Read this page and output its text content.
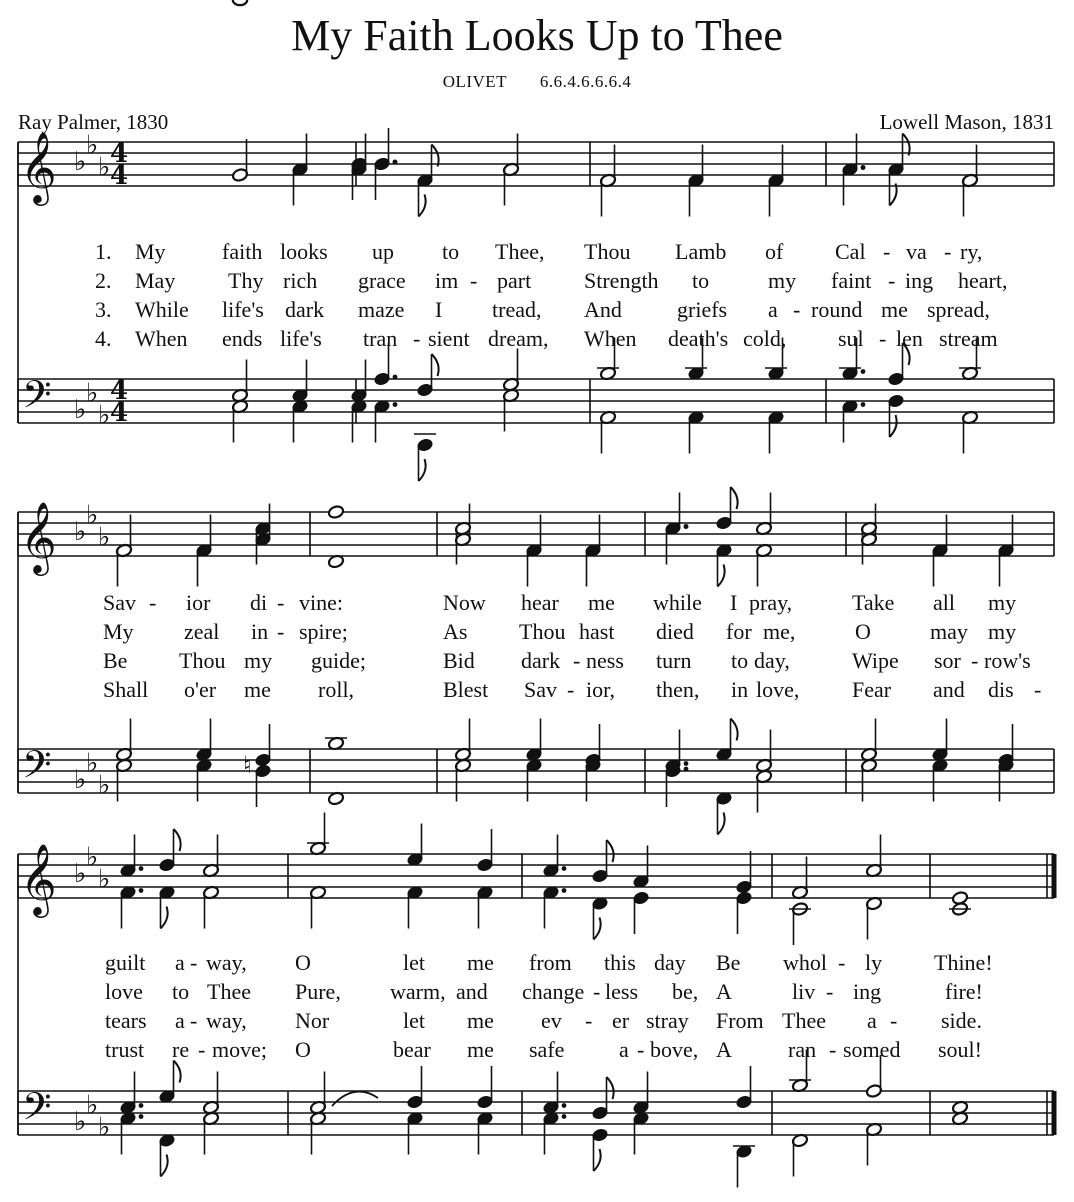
My Faith Looks Up to Thee
OLIVET 6.6.4.6.6.6.4
Ray Palmer, 1830	Lowell Mason, 1831
𝄞 ♭
♭
♭ 4
4
𝄢 ♭
♭
♭
4
4
1. My	faith looks up to Thee, Thou Lamb of Cal - va - ry,
2. May Thy rich grace im - part Strength to	my faint - ing heart,
3. While life's dark maze I tread, And	griefs a - round me spread,
4. When ends life's tran - sient dream, When death's cold, sul - len stream
𝄞 ♭
♭
♭
𝄢 ♭
♭
♭
Sav - ior di - vine:	Now hear me while I pray,	Take all my
My zeal in - spire;	As Thou hast died for me,	O	may my
Be Thou my guide;	Bid dark - ness turn to day,	Wipe sor - row's
Shall o'er me roll,	Blest Sav - ior, then, in love, Fear and dis -
𝄞 ♭
♭
♭
𝄢 ♭
♭
♭
guilt a - way, O	let me from this day Be whol - ly Thine!
love to Thee Pure, warm, and change - less be, A	liv - ing	fire!
tears a - way, Nor	let me ev - er stray From Thee a - side.
trust re - move; O	bear me safe a - bove, A	ran - somed soul!
♮
